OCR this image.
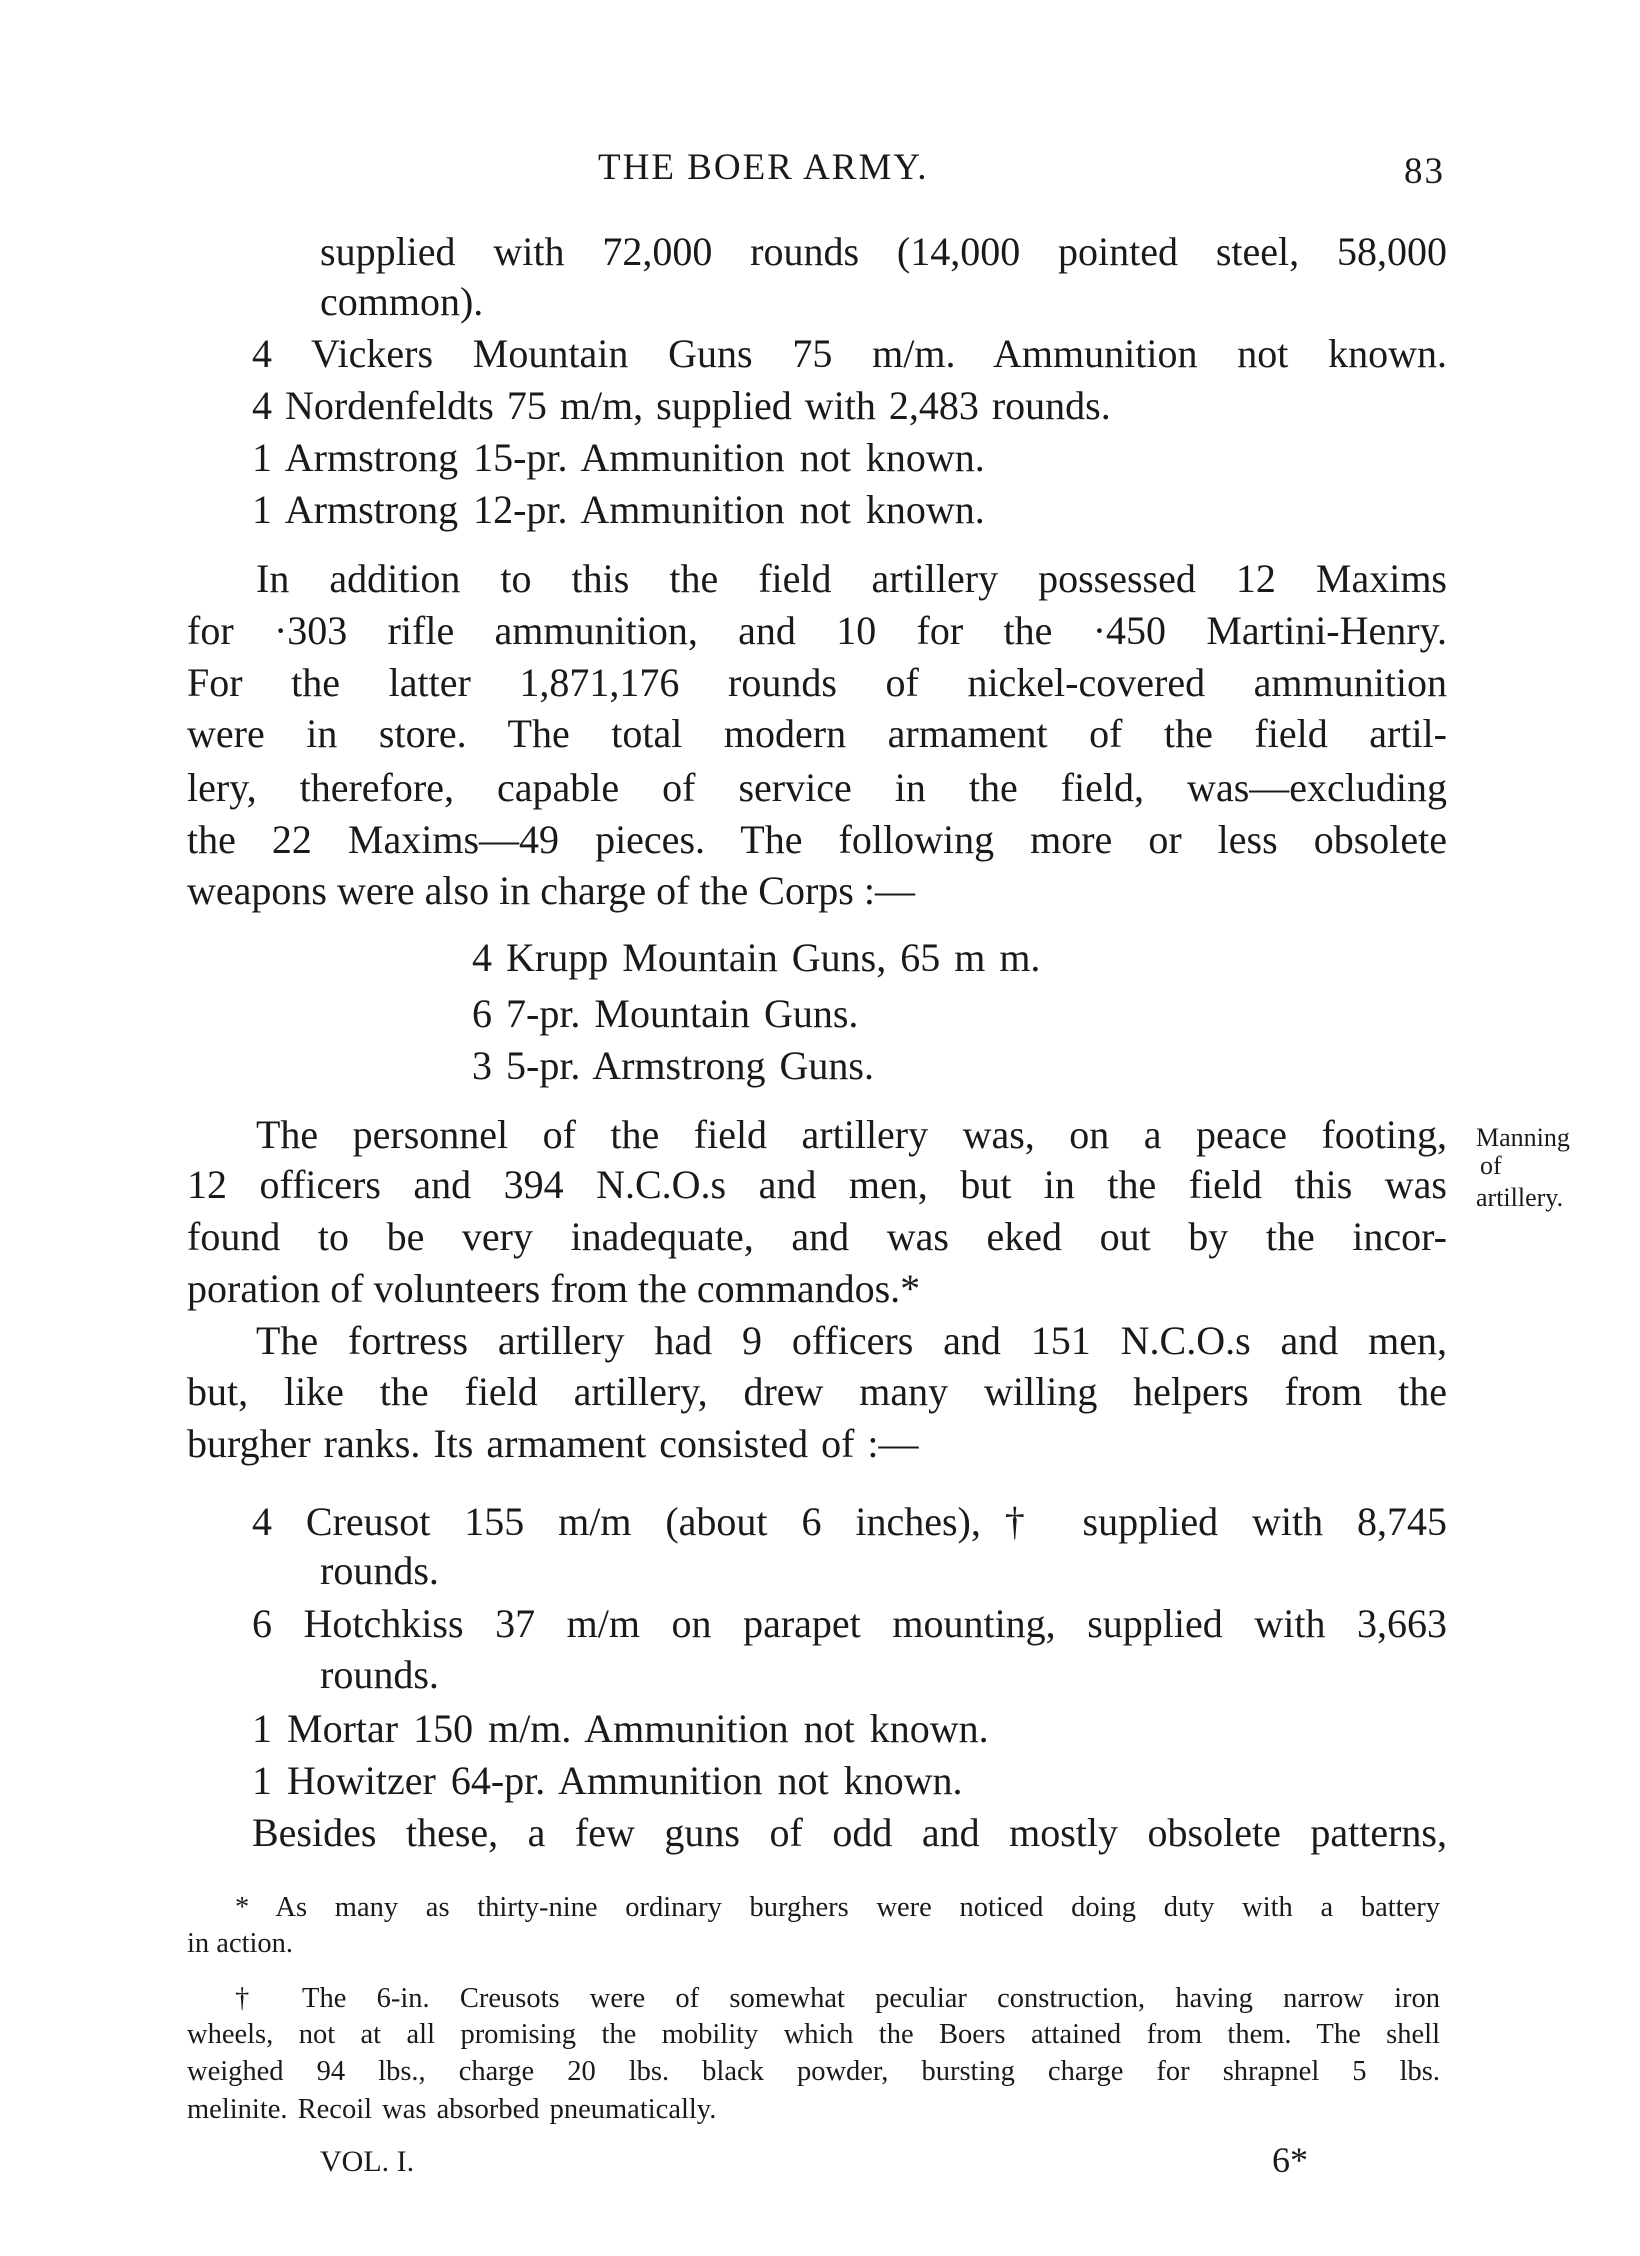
THE BOER ARMY.	83
supplied with 72,000 rounds (14,000 pointed steel, 58,000
common).
4 Vickers Mountain Guns 75 m/m. Ammunition not known.
4 Nordenfeldts 75 m/m, supplied with 2,483 rounds.
1 Armstrong 15-pr. Ammunition not known.
1 Armstrong 12-pr. Ammunition not known.
In addition to this the field artillery possessed 12 Maxims
for ·303 rifle ammunition, and 10 for the ·450 Martini-Henry.
For the latter 1,871,176 rounds of nickel-covered ammunition
were in store. The total modern armament of the field artil-
lery, therefore, capable of service in the field, was—excluding
the 22 Maxims—49 pieces. The following more or less obsolete
weapons were also in charge of the Corps :—
4 Krupp Mountain Guns, 65 m m.
6 7-pr. Mountain Guns.
3 5-pr. Armstrong Guns.
The personnel of the field artillery was, on a peace footing,
12 officers and 394 N.C.O.s and men, but in the field this was
found to be very inadequate, and was eked out by the incor-
poration of volunteers from the commandos.*
Manning
of
artillery.
The fortress artillery had 9 officers and 151 N.C.O.s and men,
but, like the field artillery, drew many willing helpers from the
burgher ranks. Its armament consisted of :—
4 Creusot 155 m/m (about 6 inches),† supplied with 8,745
rounds.
6 Hotchkiss 37 m/m on parapet mounting, supplied with 3,663
rounds.
1 Mortar 150 m/m. Ammunition not known.
1 Howitzer 64-pr. Ammunition not known.
Besides these, a few guns of odd and mostly obsolete patterns,
* As many as thirty-nine ordinary burghers were noticed doing duty with a battery
in action.
† The 6-in. Creusots were of somewhat peculiar construction, having narrow iron
wheels, not at all promising the mobility which the Boers attained from them. The shell
weighed 94 lbs., charge 20 lbs. black powder, bursting charge for shrapnel 5 lbs.
melinite. Recoil was absorbed pneumatically.
VOL. I.	6*
